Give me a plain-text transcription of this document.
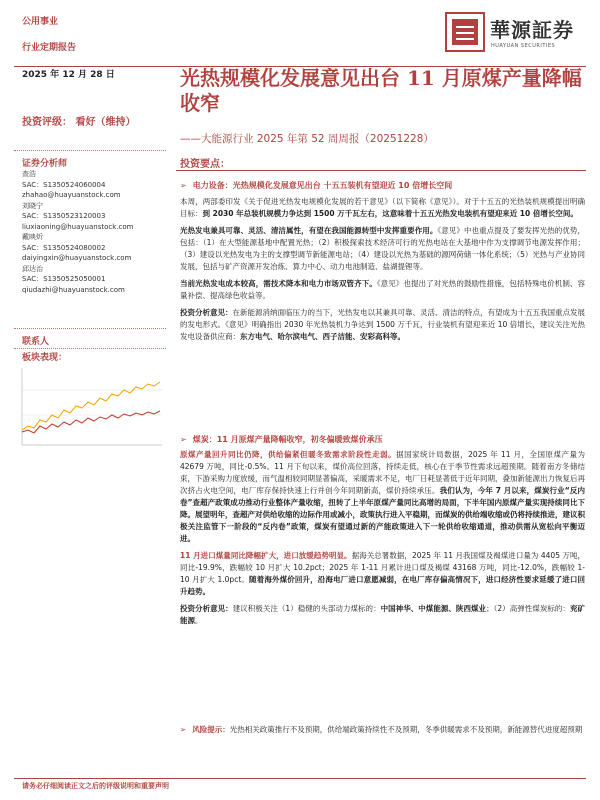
公用事业
行业定期报告
華源証券
HUAYUAN SECURITIES
2025 年 12 月 28 日
投资评级： 看好（维持）
证券分析师
查浩
SAC：S1350524060004
zhahao@huayuanstock.com
刘晓宁
SAC：S1350523120003
liuxiaoning@huayuanstock.com
戴映炘
SAC：S1350524080002
daiyingxin@huayuanstock.com
邱达治
SAC：S1350525050001
qiudazhi@huayuanstock.com
联系人
板块表现：
光热规模化发展意见出台 11 月原煤产量降幅收窄
——大能源行业 2025 年第 52 周周报（20251228）
投资要点：
➢ 电力设备：光热规模化发展意见出台 十五五装机有望迎近 10 倍增长空间

本周，两部委印发《关于促进光热发电规模化发展的若干意见》（以下简称《意见》）。对于十五五的光热装机规模提出明确目标：到 2030 年总装机规模力争达到 1500 万千瓦左右，这意味着十五五光热发电装机有望迎来近 10 倍增长空间。

光热发电兼具可靠、灵活、清洁属性，有望在我国能源转型中发挥重要作用。《意见》中也重点提及了要发挥光热的优势，包括：（1）在大型能源基地中配置光热；（2）积极探索技术经济可行的光热电站在大基地中作为支撑调节电源发挥作用；（3）建设以光热发电为主的支撑型调节新能源电站；（4）建设以光热为基础的源网荷储一体化系统；（5）光热与产业协同发展，包括与矿产资源开发冶炼、算力中心、动力电池制造、盐湖提锂等。

当前光热发电成本较高，需技术降本和电力市场双管齐下。《意见》也提出了对光热的鼓励性措施，包括特殊电价机制、容量补偿、提高绿色收益等。

投资分析意见：在新能源消纳面临压力的当下，光热发电以其兼具可靠、灵活、清洁的特点，有望成为十五五我国重点发展的发电形式。《意见》明确指出 2030 年光热装机力争达到 1500 万千瓦，行业装机有望迎来近 10 倍增长，建议关注光热发电设备供应商：东方电气、哈尔滨电气、西子洁能、安彩高科等。

➢ 煤炭：11 月原煤产量降幅收窄，初冬偏暖致煤价承压

原煤产量回升同比仍降，供给偏紧但暖冬致需求阶段性走弱。据国家统计局数据，2025 年 11 月，全国原煤产量为 42679 万吨，同比-0.5%。11 月下旬以来，煤价高位回落，持续走低，核心在于季节性需求远超预期。随着南方冬储结束，下游采购力度放缓，而气温相较同期显著偏高，采暖需求不足，电厂日耗显著低于近年同期，叠加新能源出力恢复后再次挤占火电空间，电厂库存保持快速上行并创今年同期新高，煤价持续承压。我们认为，今年 7 月以来，煤炭行业“反内卷”查超产政策成功推动行业整体产量收缩，扭转了上半年原煤产量同比高增的局面，下半年国内原煤产量实现持续同比下降。展望明年，查超产对供给收缩的边际作用或减小，政策执行进入平稳期，而煤炭的供给端收缩或仍将持续推进，建议积极关注监管下一阶段的“反内卷”政策，煤炭有望通过新的产能政策进入下一轮供给收缩通道，推动供需从宽松向平衡迈进。

11 月进口煤量同比降幅扩大，进口放缓趋势明显。据海关总署数据，2025 年 11 月我国煤及褐煤进口量为 4405 万吨，同比-19.9%，跌幅较 10 月扩大 10.2pct；2025 年 1-11 月累计进口煤及褐煤 43168 万吨，同比-12.0%，跌幅较 1-10 月扩大 1.0pct。随着海外煤价回升，沿海电厂进口意愿减弱，在电厂库存偏高情况下，进口经济性要求延缓了进口回升趋势。

投资分析意见：建议积极关注（1）稳健的头部动力煤标的：中国神华、中煤能源、陕西煤业；（2）高弹性煤炭标的：兖矿能源。

➢ 风险提示：光热相关政策推行不及预期，供给端政策持续性不及预期，冬季供暖需求不及预期，新能源替代进度超预期

请务必仔细阅读正文之后的评级说明和重要声明
